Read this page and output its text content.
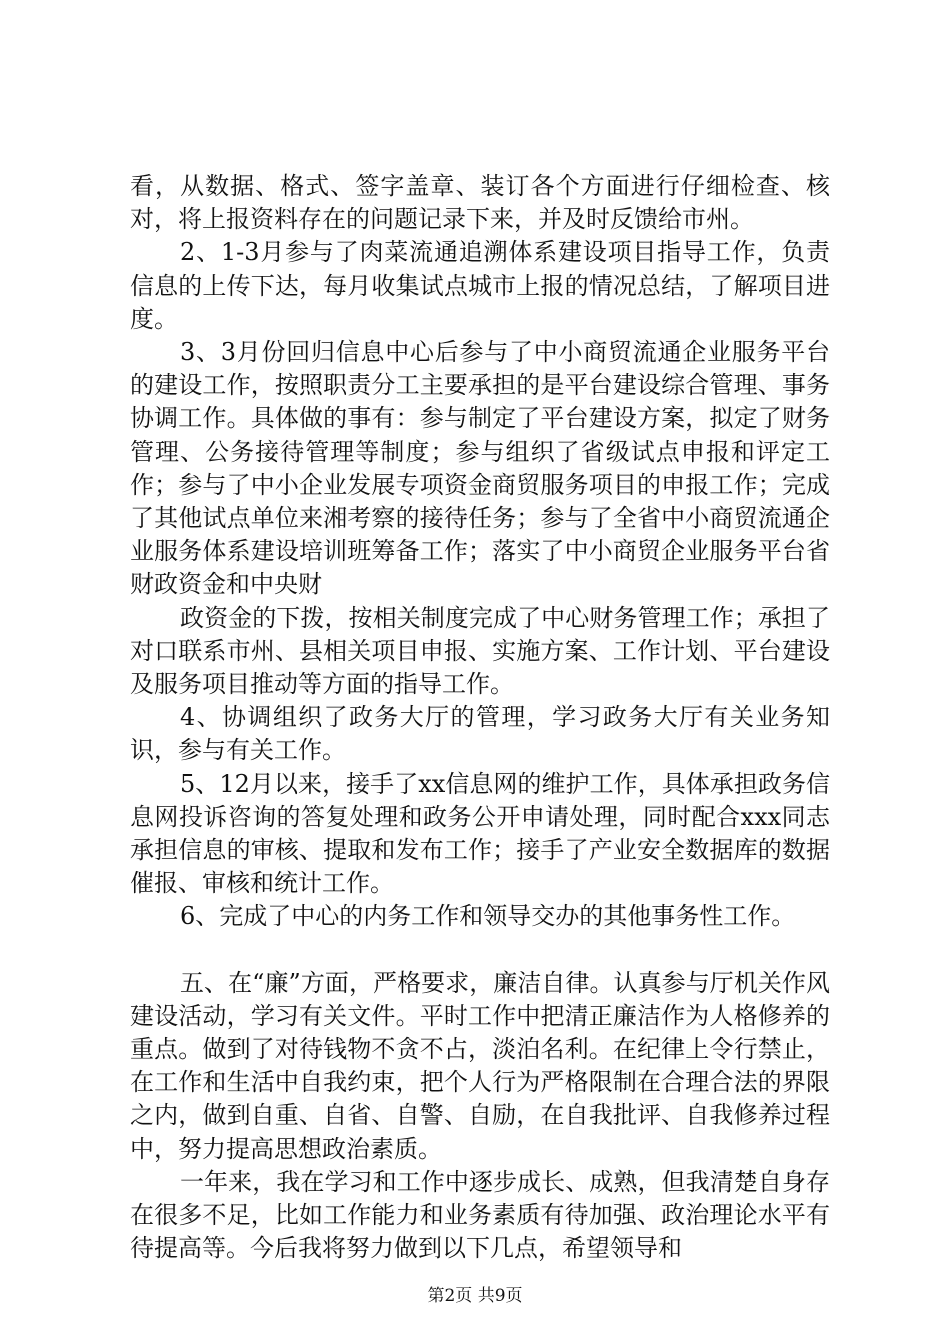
看，从数据、格式、签字盖章、装订各个方面进行仔细检查、核对，将上报资料存在的问题记录下来，并及时反馈给市州。

2、1-3月参与了肉菜流通追溯体系建设项目指导工作，负责信息的上传下达，每月收集试点城市上报的情况总结，了解项目进度。

3、3月份回归信息中心后参与了中小商贸流通企业服务平台的建设工作，按照职责分工主要承担的是平台建设综合管理、事务协调工作。具体做的事有：参与制定了平台建设方案，拟定了财务管理、公务接待管理等制度；参与组织了省级试点申报和评定工作；参与了中小企业发展专项资金商贸服务项目的申报工作；完成了其他试点单位来湘考察的接待任务；参与了全省中小商贸流通企业服务体系建设培训班筹备工作；落实了中小商贸企业服务平台省财政资金和中央财

政资金的下拨，按相关制度完成了中心财务管理工作；承担了对口联系市州、县相关项目申报、实施方案、工作计划、平台建设及服务项目推动等方面的指导工作。

4、协调组织了政务大厅的管理，学习政务大厅有关业务知识，参与有关工作。

5、12月以来，接手了xx信息网的维护工作，具体承担政务信息网投诉咨询的答复处理和政务公开申请处理，同时配合xxx同志承担信息的审核、提取和发布工作；接手了产业安全数据库的数据催报、审核和统计工作。

6、完成了中心的内务工作和领导交办的其他事务性工作。

五、在“廉”方面，严格要求，廉洁自律。认真参与厅机关作风建设活动，学习有关文件。平时工作中把清正廉洁作为人格修养的重点。做到了对待钱物不贪不占，淡泊名利。在纪律上令行禁止，在工作和生活中自我约束，把个人行为严格限制在合理合法的界限之内，做到自重、自省、自警、自励，在自我批评、自我修养过程中，努力提高思想政治素质。

一年来，我在学习和工作中逐步成长、成熟，但我清楚自身存在很多不足，比如工作能力和业务素质有待加强、政治理论水平有待提高等。今后我将努力做到以下几点，希望领导和

第2页 共9页
